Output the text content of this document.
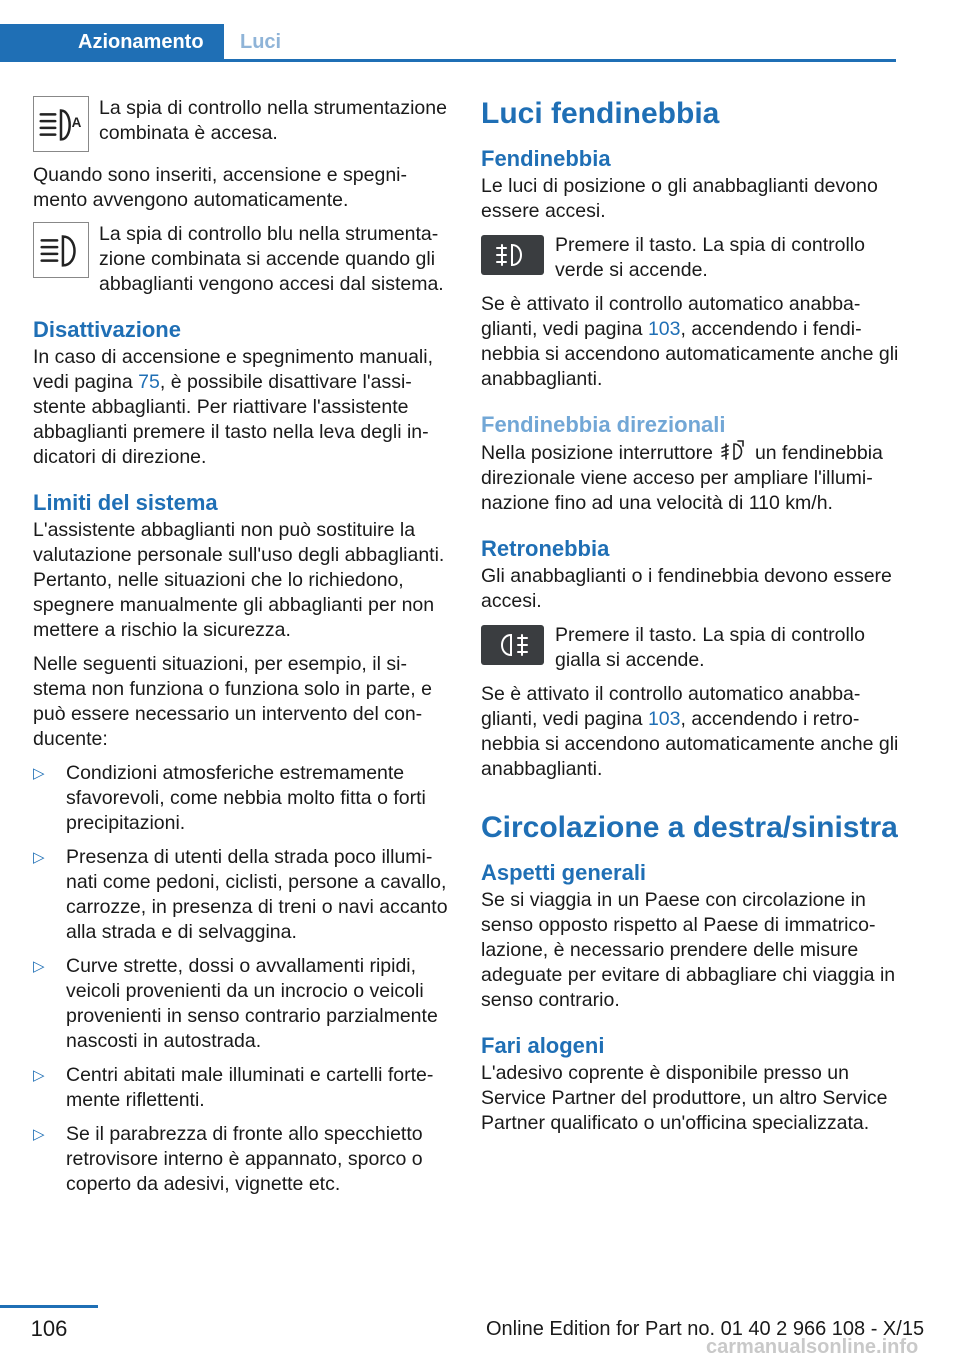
Azionamento	Luci
A
La spia di controllo nella strumentazione combinata è accesa.

Quando sono inseriti, accensione e spegnimento avvengono automaticamente.

La spia di controllo blu nella strumentazione combinata si accende quando gli abbaglianti vengono accesi dal sistema.
Disattivazione

In caso di accensione e spegnimento manuali, vedi pagina 75, è possibile disattivare l'assistente abbaglianti. Per riattivare l'assistente abbaglianti premere il tasto nella leva degli indicatori di direzione.

Limiti del sistema

L'assistente abbaglianti non può sostituire la valutazione personale sull'uso degli abbaglianti. Pertanto, nelle situazioni che lo richiedono, spegnere manualmente gli abbaglianti per non mettere a rischio la sicurezza.

Nelle seguenti situazioni, per esempio, il sistema non funziona o funziona solo in parte, e può essere necessario un intervento del conducente:

▷ Condizioni atmosferiche estremamente sfavorevoli, come nebbia molto fitta o forti precipitazioni.
▷ Presenza di utenti della strada poco illuminati come pedoni, ciclisti, persone a cavallo, carrozze, in presenza di treni o navi accanto alla strada e di selvaggina.
▷ Curve strette, dossi o avvallamenti ripidi, veicoli provenienti da un incrocio o veicoli provenienti in senso contrario parzialmente nascosti in autostrada.
▷ Centri abitati male illuminati e cartelli fortemente riflettenti.
▷ Se il parabrezza di fronte allo specchietto retrovisore interno è appannato, sporco o coperto da adesivi, vignette etc.
Luci fendinebbia
Fendinebbia

Le luci di posizione o gli anabbaglianti devono essere accesi.

Premere il tasto. La spia di controllo verde si accende.

Se è attivato il controllo automatico anabbaglianti, vedi pagina 103, accendendo i fendinebbia si accendono automaticamente anche gli anabbaglianti.

Fendinebbia direzionali

Nella posizione interruttore un fendinebbia direzionale viene acceso per ampliare l'illuminazione fino ad una velocità di 110 km/h.

Retronebbia

Gli anabbaglianti o i fendinebbia devono essere accesi.

Premere il tasto. La spia di controllo gialla si accende.

Se è attivato il controllo automatico anabbaglianti, vedi pagina 103, accendendo i retronebbia si accendono automaticamente anche gli anabbaglianti.

Circolazione a destra/sinistra
Aspetti generali

Se si viaggia in un Paese con circolazione in senso opposto rispetto al Paese di immatricolazione, è necessario prendere delle misure adeguate per evitare di abbagliare chi viaggia in senso contrario.

Fari alogeni

L'adesivo coprente è disponibile presso un Service Partner del produttore, un altro Service Partner qualificato o un'officina specializzata.

106	Online Edition for Part no. 01 40 2 966 108 - X/15
carmanualsonline.info
